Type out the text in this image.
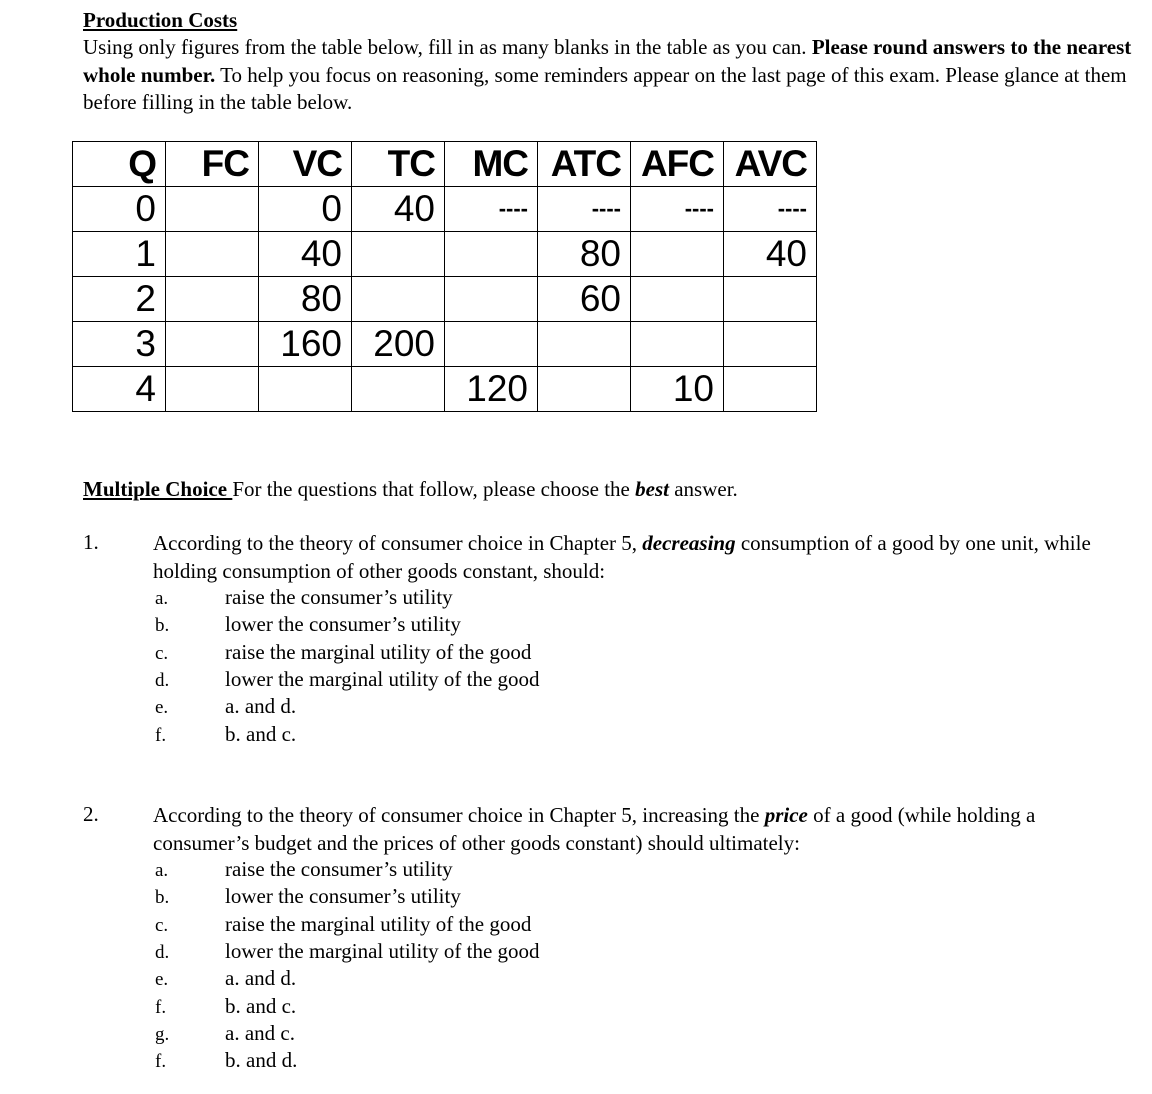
Production Costs
Using only figures from the table below, fill in as many blanks in the table as you can. Please round answers to the nearest whole number. To help you focus on reasoning, some reminders appear on the last page of this exam. Please glance at them before filling in the table below.
Q	FC	VC	TC	MC	ATC	AFC	AVC
0		0	40	----	----	----	----
1		40			80		40
2		80			60		
3		160	200				
4				120		10	
Multiple Choice For the questions that follow, please choose the best answer.
1.	According to the theory of consumer choice in Chapter 5, decreasing consumption of a good by one unit, while holding consumption of other goods constant, should:
a.	raise the consumer’s utility
b.	lower the consumer’s utility
c.	raise the marginal utility of the good
d.	lower the marginal utility of the good
e.	a. and d.
f.	b. and c.
2.	According to the theory of consumer choice in Chapter 5, increasing the price of a good (while holding a consumer’s budget and the prices of other goods constant) should ultimately:
a.	raise the consumer’s utility
b.	lower the consumer’s utility
c.	raise the marginal utility of the good
d.	lower the marginal utility of the good
e.	a. and d.
f.	b. and c.
g.	a. and c.
f.	b. and d.
